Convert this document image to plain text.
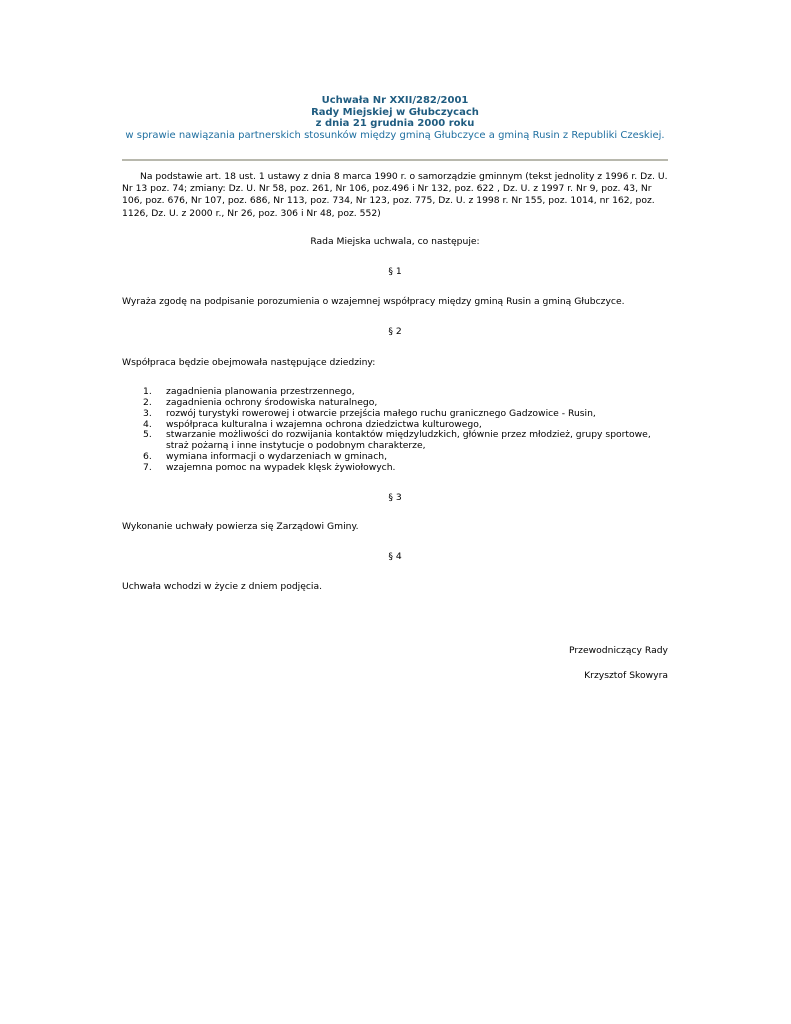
Uchwała Nr XXII/282/2001
Rady Miejskiej w Głubczycach
z dnia 21 grudnia 2000 roku
w sprawie nawiązania partnerskich stosunków między gminą Głubczyce a gminą Rusin z Republiki Czeskiej.

Na podstawie art. 18 ust. 1 ustawy z dnia 8 marca 1990 r. o samorządzie gminnym (tekst jednolity z 1996 r. Dz. U. Nr 13 poz. 74; zmiany: Dz. U. Nr 58, poz. 261, Nr 106, poz.496 i Nr 132, poz. 622 , Dz. U. z 1997 r. Nr 9, poz. 43, Nr 106, poz. 676, Nr 107, poz. 686, Nr 113, poz. 734, Nr 123, poz. 775, Dz. U. z 1998 r. Nr 155, poz. 1014, nr 162, poz. 1126, Dz. U. z 2000 r., Nr 26, poz. 306 i Nr 48, poz. 552)

Rada Miejska uchwala, co następuje:

§ 1

Wyraża zgodę na podpisanie porozumienia o wzajemnej współpracy między gminą Rusin a gminą Głubczyce.

§ 2

Współpraca będzie obejmowała następujące dziedziny:

1. zagadnienia planowania przestrzennego,
2. zagadnienia ochrony środowiska naturalnego,
3. rozwój turystyki rowerowej i otwarcie przejścia małego ruchu granicznego Gadzowice - Rusin,
4. współpraca kulturalna i wzajemna ochrona dziedzictwa kulturowego,
5. stwarzanie możliwości do rozwijania kontaktów międzyludzkich, głównie przez młodzież, grupy sportowe, straż pożarną i inne instytucje o podobnym charakterze,
6. wymiana informacji o wydarzeniach w gminach,
7. wzajemna pomoc na wypadek klęsk żywiołowych.

§ 3

Wykonanie uchwały powierza się Zarządowi Gminy.

§ 4

Uchwała wchodzi w życie z dniem podjęcia.

Przewodniczący Rady

Krzysztof Skowyra
